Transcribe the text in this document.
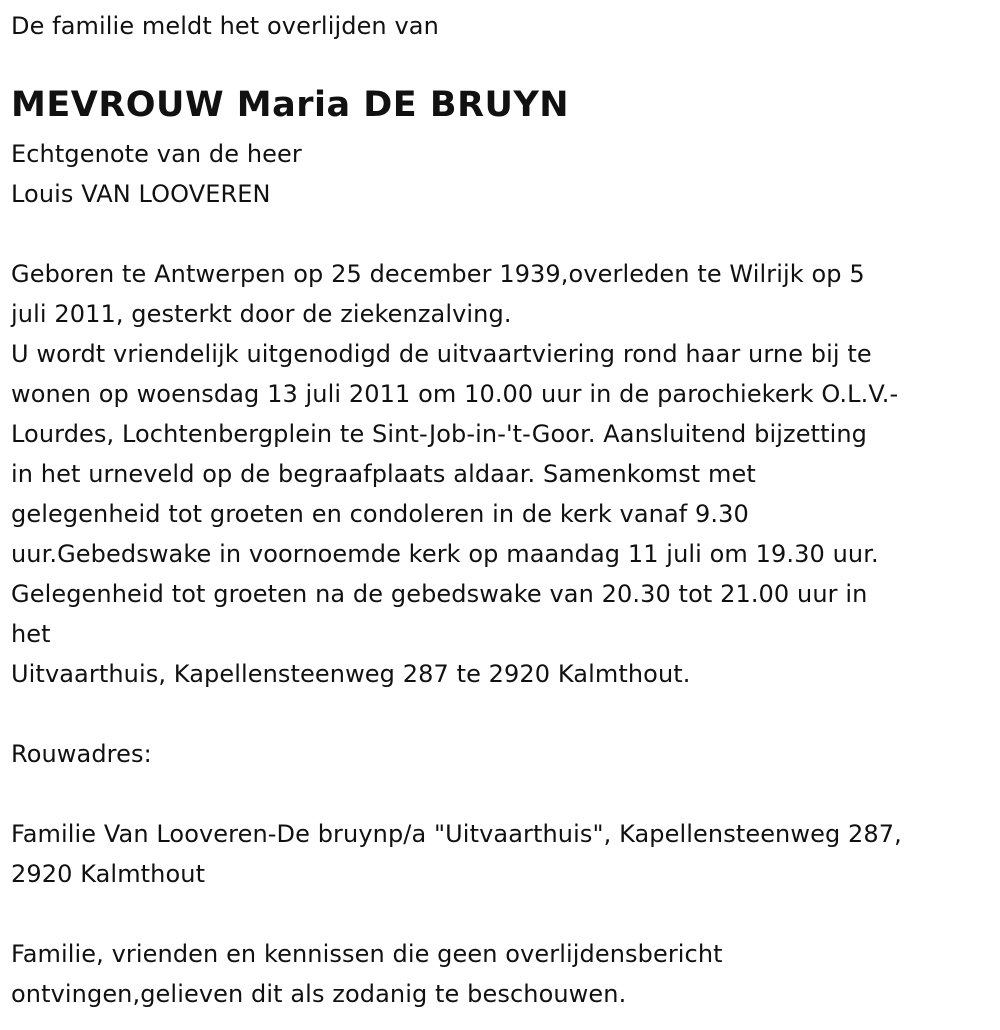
De familie meldt het overlijden van
MEVROUW Maria DE BRUYN
Echtgenote van de heer
Louis VAN LOOVEREN
Geboren te Antwerpen op 25 december 1939,overleden te Wilrijk op 5
juli 2011, gesterkt door de ziekenzalving.
U wordt vriendelijk uitgenodigd de uitvaartviering rond haar urne bij te
wonen op woensdag 13 juli 2011 om 10.00 uur in de parochiekerk O.L.V.-
Lourdes, Lochtenbergplein te Sint-Job-in-'t-Goor. Aansluitend bijzetting
in het urneveld op de begraafplaats aldaar. Samenkomst met
gelegenheid tot groeten en condoleren in de kerk vanaf 9.30
uur.Gebedswake in voornoemde kerk op maandag 11 juli om 19.30 uur.
Gelegenheid tot groeten na de gebedswake van 20.30 tot 21.00 uur in
het
Uitvaarthuis, Kapellensteenweg 287 te 2920 Kalmthout.
Rouwadres:
Familie Van Looveren-De bruynp/a "Uitvaarthuis", Kapellensteenweg 287,
2920 Kalmthout
Familie, vrienden en kennissen die geen overlijdensbericht
ontvingen,gelieven dit als zodanig te beschouwen.
